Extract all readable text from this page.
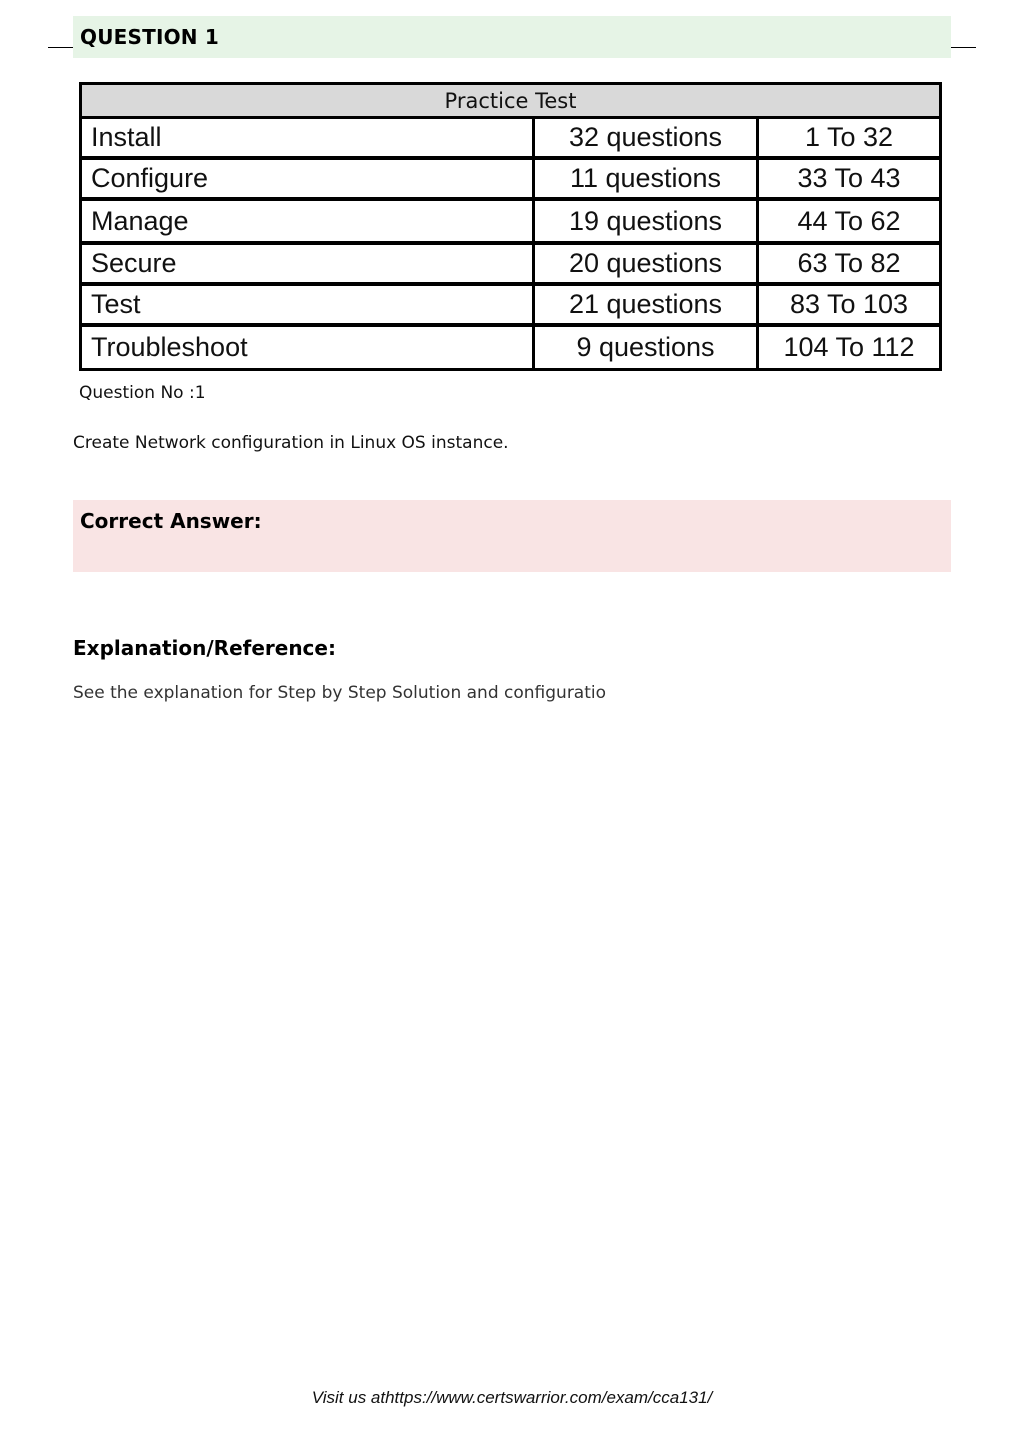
QUESTION 1
Practice Test
Install	32 questions	1 To 32
Configure	11 questions	33 To 43
Manage	19 questions	44 To 62
Secure	20 questions	63 To 82
Test	21 questions	83 To 103
Troubleshoot	9 questions	104 To 112
Question No :1
Create Network configuration in Linux OS instance.
Correct Answer:
Explanation/Reference:
See the explanation for Step by Step Solution and configuratio
Visit us athttps://www.certswarrior.com/exam/cca131/
